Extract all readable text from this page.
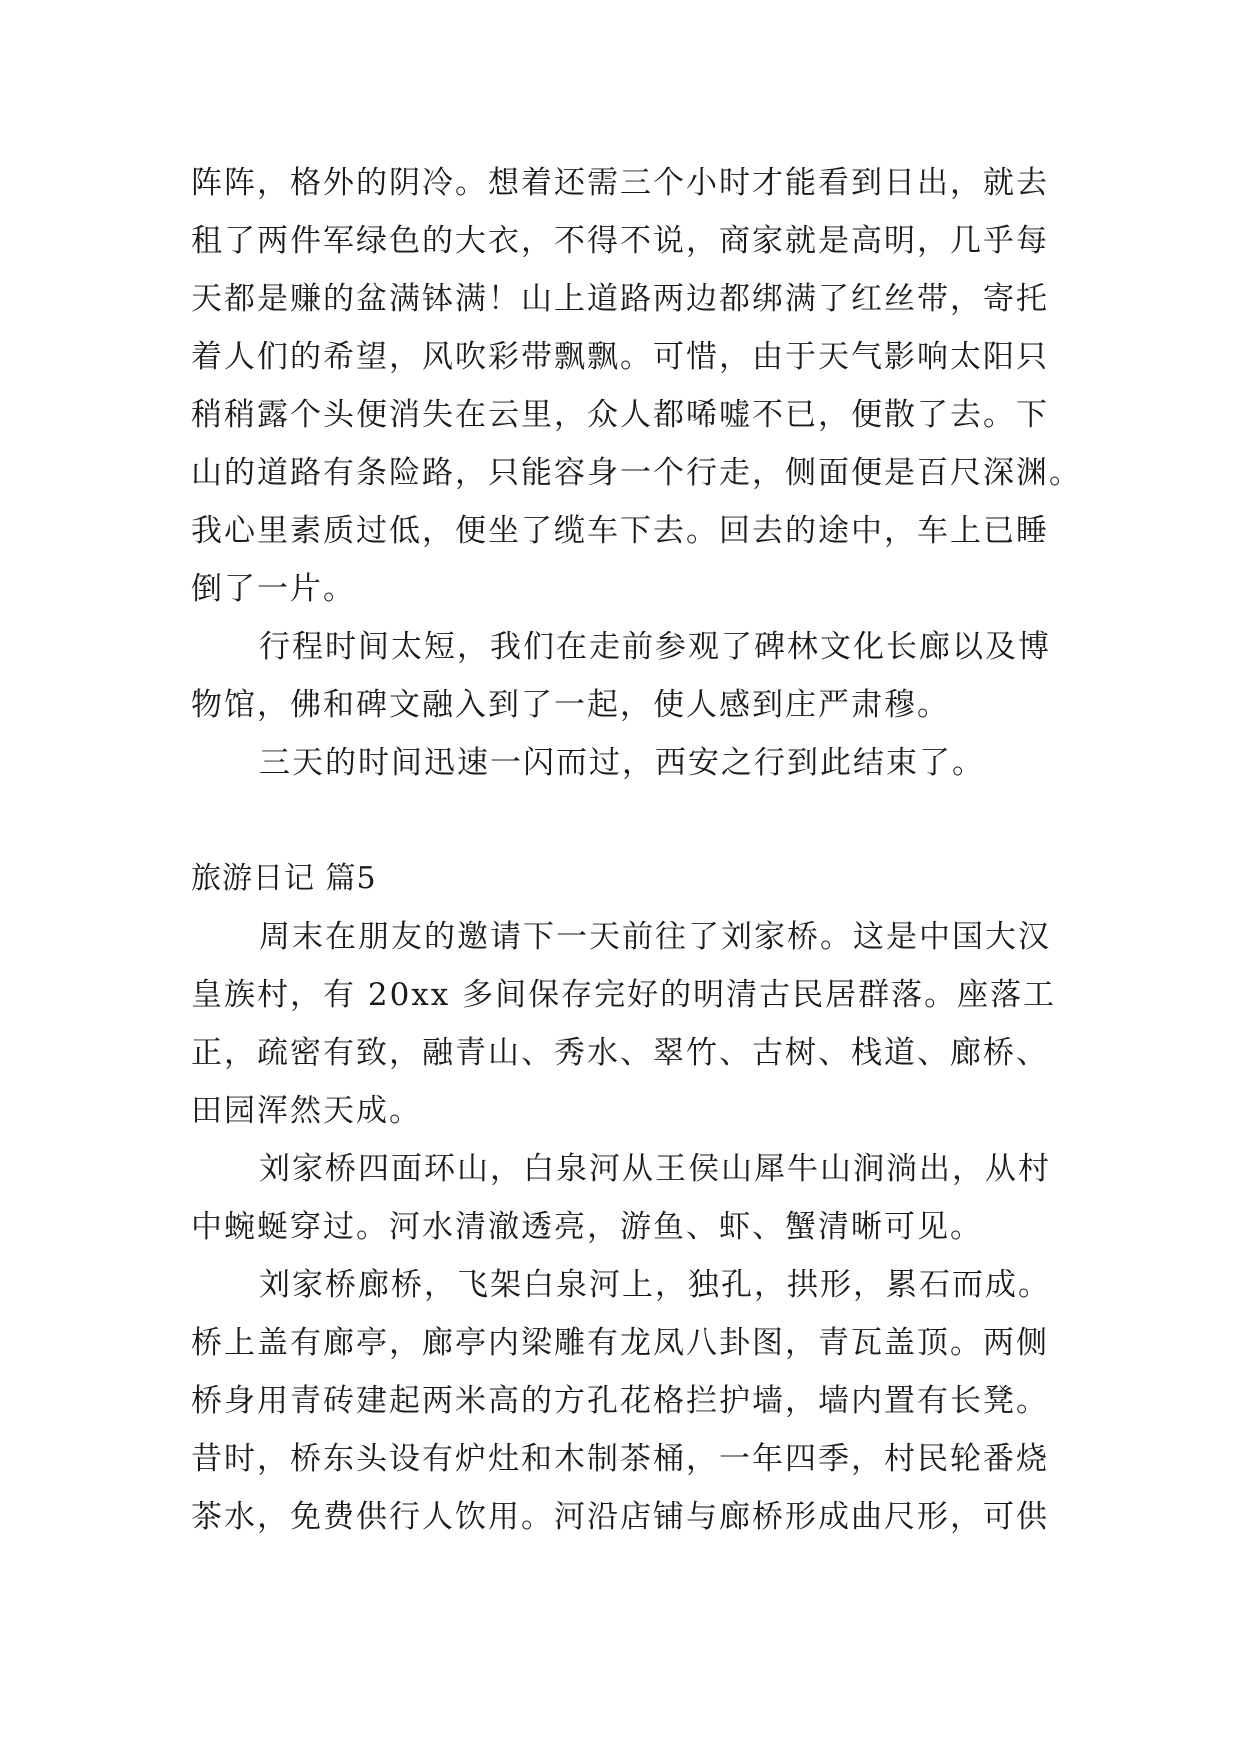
阵阵，格外的阴冷。想着还需三个小时才能看到日出，就去
租了两件军绿色的大衣，不得不说，商家就是高明，几乎每
天都是赚的盆满钵满！山上道路两边都绑满了红丝带，寄托
着人们的希望，风吹彩带飘飘。可惜，由于天气影响太阳只
稍稍露个头便消失在云里，众人都唏嘘不已，便散了去。下
山的道路有条险路，只能容身一个行走，侧面便是百尺深渊。
我心里素质过低，便坐了缆车下去。回去的途中，车上已睡
倒了一片。
行程时间太短，我们在走前参观了碑林文化长廊以及博
物馆，佛和碑文融入到了一起，使人感到庄严肃穆。
三天的时间迅速一闪而过，西安之行到此结束了。
旅游日记 篇5
周末在朋友的邀请下一天前往了刘家桥。这是中国大汉
皇族村，有 20xx 多间保存完好的明清古民居群落。座落工
正，疏密有致，融青山、秀水、翠竹、古树、栈道、廊桥、
田园浑然天成。
刘家桥四面环山，白泉河从王侯山犀牛山涧淌出，从村
中蜿蜒穿过。河水清澈透亮，游鱼、虾、蟹清晰可见。
刘家桥廊桥，飞架白泉河上，独孔，拱形，累石而成。
桥上盖有廊亭，廊亭内梁雕有龙凤八卦图，青瓦盖顶。两侧
桥身用青砖建起两米高的方孔花格拦护墙，墙内置有长凳。
昔时，桥东头设有炉灶和木制茶桶，一年四季，村民轮番烧
茶水，免费供行人饮用。河沿店铺与廊桥形成曲尺形，可供
